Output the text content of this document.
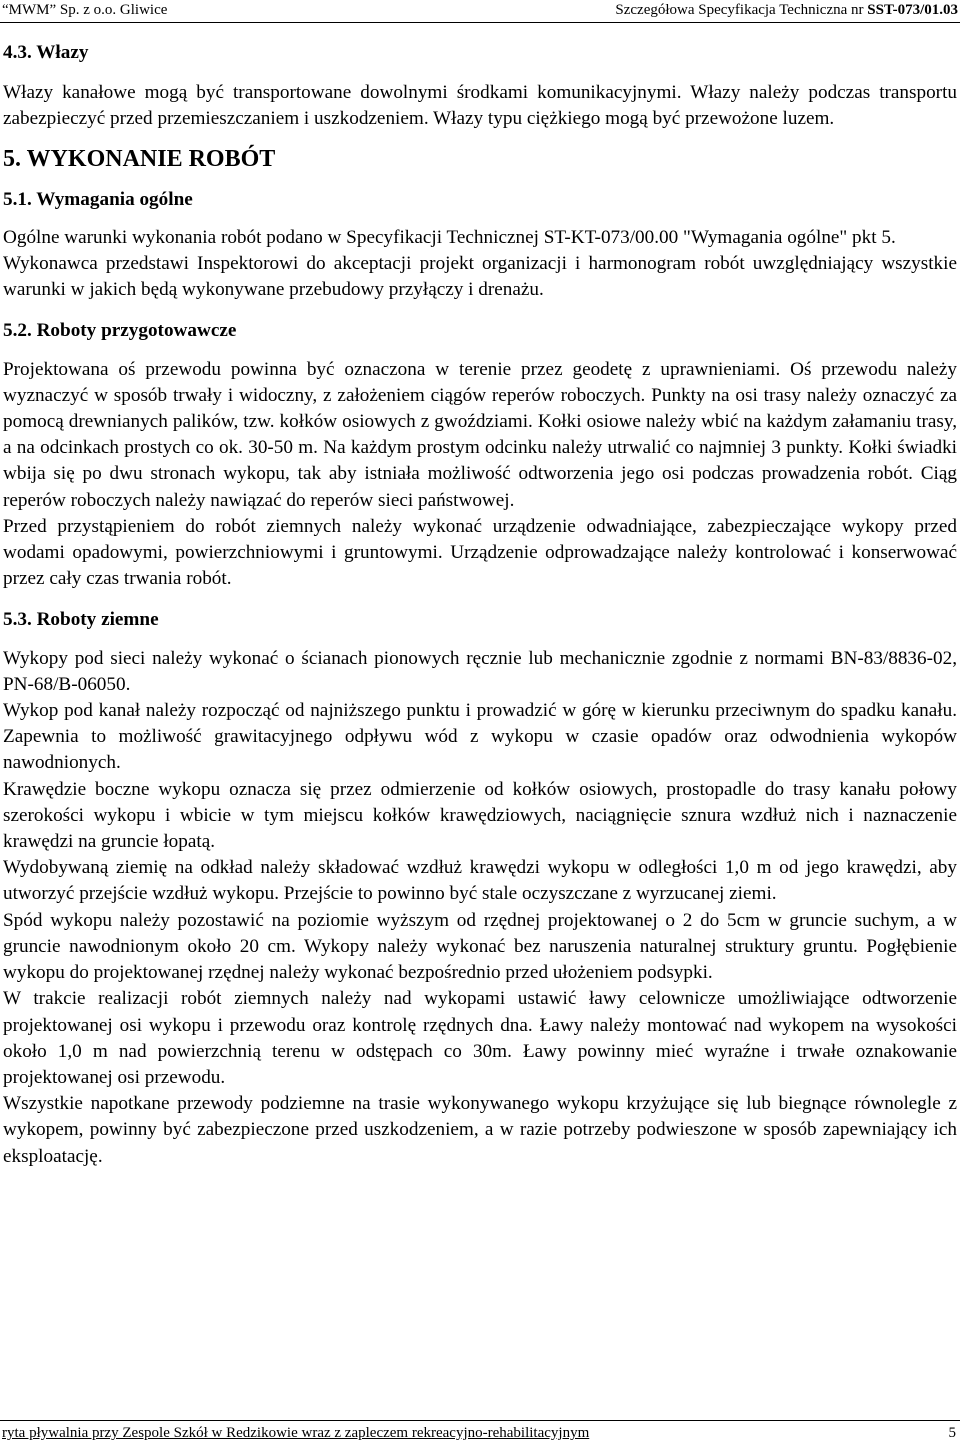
“MWM” Sp. z o.o. Gliwice	Szczegółowa Specyfikacja Techniczna nr SST-073/01.03
4.3. Włazy

Włazy kanałowe mogą być transportowane dowolnymi środkami komunikacyjnymi. Włazy należy podczas transportu zabezpieczyć przed przemieszczaniem i uszkodzeniem. Włazy typu ciężkiego mogą być przewożone luzem.

5. WYKONANIE ROBÓT
5.1. Wymagania ogólne

Ogólne warunki wykonania robót podano w Specyfikacji Technicznej ST-KT-073/00.00 "Wymagania ogólne" pkt 5.

Wykonawca przedstawi Inspektorowi do akceptacji projekt organizacji i harmonogram robót uwzględniający wszystkie warunki w jakich będą wykonywane przebudowy przyłączy i drenażu.

5.2. Roboty przygotowawcze

Projektowana oś przewodu powinna być oznaczona w terenie przez geodetę z uprawnieniami. Oś przewodu należy wyznaczyć w sposób trwały i widoczny, z założeniem ciągów reperów roboczych. Punkty na osi trasy należy oznaczyć za pomocą drewnianych palików, tzw. kołków osiowych z gwoździami. Kołki osiowe należy wbić na każdym załamaniu trasy, a na odcinkach prostych co ok. 30-50 m. Na każdym prostym odcinku należy utrwalić co najmniej 3 punkty. Kołki świadki wbija się po dwu stronach wykopu, tak aby istniała możliwość odtworzenia jego osi podczas prowadzenia robót. Ciąg reperów roboczych należy nawiązać do reperów sieci państwowej.

Przed przystąpieniem do robót ziemnych należy wykonać urządzenie odwadniające, zabezpieczające wykopy przed wodami opadowymi, powierzchniowymi i gruntowymi. Urządzenie odprowadzające należy kontrolować i konserwować przez cały czas trwania robót.

5.3. Roboty ziemne

Wykopy pod sieci należy wykonać o ścianach pionowych ręcznie lub mechanicznie zgodnie z normami BN-83/8836-02, PN-68/B-06050.

Wykop pod kanał należy rozpocząć od najniższego punktu i prowadzić w górę w kierunku przeciwnym do spadku kanału. Zapewnia to możliwość grawitacyjnego odpływu wód z wykopu w czasie opadów oraz odwodnienia wykopów nawodnionych.

Krawędzie boczne wykopu oznacza się przez odmierzenie od kołków osiowych, prostopadle do trasy kanału połowy szerokości wykopu i wbicie w tym miejscu kołków krawędziowych, naciągnięcie sznura wzdłuż nich i naznaczenie krawędzi na gruncie łopatą.

Wydobywaną ziemię na odkład należy składować wzdłuż krawędzi wykopu w odległości 1,0 m od jego krawędzi, aby utworzyć przejście wzdłuż wykopu. Przejście to powinno być stale oczyszczane z wyrzucanej ziemi.

Spód wykopu należy pozostawić na poziomie wyższym od rzędnej projektowanej o 2 do 5cm w gruncie suchym, a w gruncie nawodnionym około 20 cm. Wykopy należy wykonać bez naruszenia naturalnej struktury gruntu. Pogłębienie wykopu do projektowanej rzędnej należy wykonać bezpośrednio przed ułożeniem podsypki.

W trakcie realizacji robót ziemnych należy nad wykopami ustawić ławy celownicze umożliwiające odtworzenie projektowanej osi wykopu i przewodu oraz kontrolę rzędnych dna. Ławy należy montować nad wykopem na wysokości około 1,0 m nad powierzchnią terenu w odstępach co 30m. Ławy powinny mieć wyraźne i trwałe oznakowanie projektowanej osi przewodu.

Wszystkie napotkane przewody podziemne na trasie wykonywanego wykopu krzyżujące się lub biegnące równolegle z wykopem, powinny być zabezpieczone przed uszkodzeniem, a w razie potrzeby podwieszone w sposób zapewniający ich eksploatację.

ryta pływalnia przy Zespole Szkół w Redzikowie wraz z zapleczem rekreacyjno-rehabilitacyjnym	5
